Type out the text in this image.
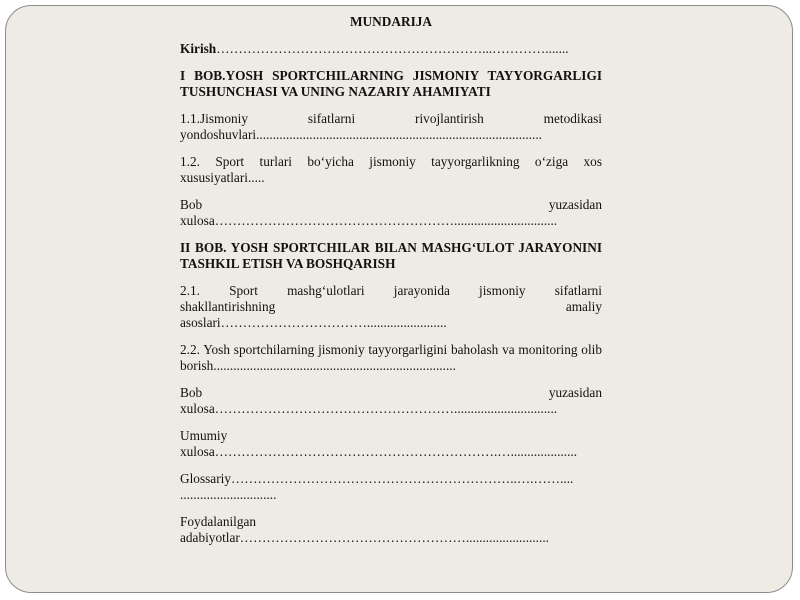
MUNDARIJA
Kirish……………………………………………………...………….......
I BOB.YOSH SPORTCHILARNING JISMONIY TAYYORGARLIGI TUSHUNCHASI VA UNING NAZARIY AHAMIYATI
1.1.Jismoniy sifatlarni rivojlantirish metodikasi yondoshuvlari......................................................................................
1.2. Sport turlari bo‘yicha jismoniy tayyorgarlikning o‘ziga xos xususiyatlari.....
Bob yuzasidan
xulosa………………………………………………...............................
II BOB. YOSH SPORTCHILAR BILAN MASHG‘ULOT JARAYONINI TASHKIL ETISH VA BOSHQARISH
2.1. Sport mashg‘ulotlari jarayonida jismoniy sifatlarni
shakllantirishning amaliy
asoslari……………………………........................
2.2. Yosh sportchilarning jismoniy tayyorgarligini baholash va monitoring olib borish.........................................................................
Bob yuzasidan
xulosa………………………………………………...............................
Umumiy
xulosa……………………………………………………….…....................
Glossariy………………………………………………………..….……....
.............................
Foydalanilgan
adabiyotlar…………………………………………….........................
